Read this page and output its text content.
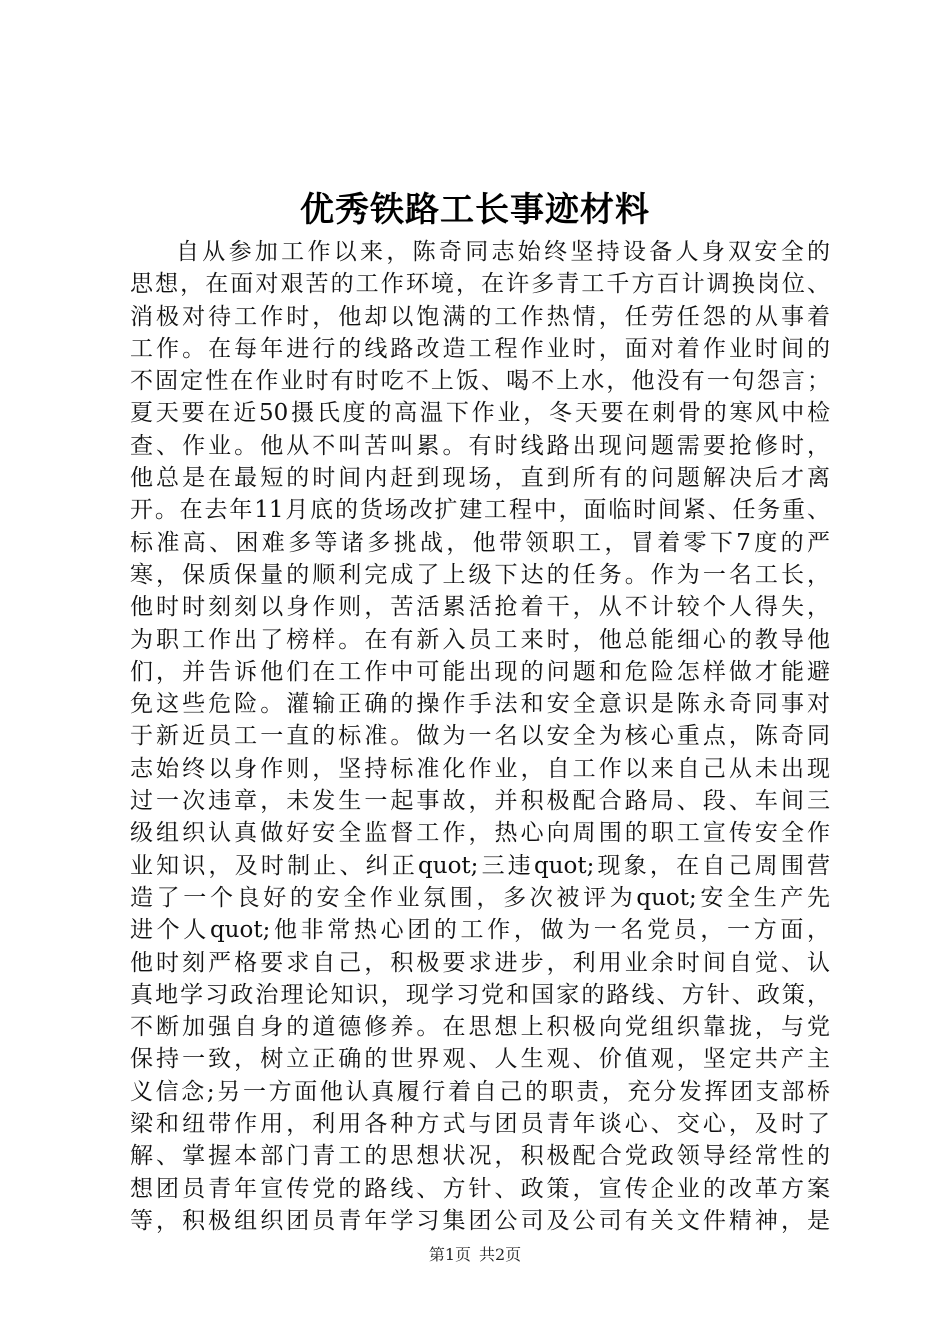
优秀铁路工长事迹材料
自从参加工作以来，陈奇同志始终坚持设备人身双安全的
思想，在面对艰苦的工作环境，在许多青工千方百计调换岗位、
消极对待工作时，他却以饱满的工作热情，任劳任怨的从事着
工作。在每年进行的线路改造工程作业时，面对着作业时间的
不固定性在作业时有时吃不上饭、喝不上水，他没有一句怨言；
夏天要在近50摄氏度的高温下作业，冬天要在刺骨的寒风中检
查、作业。他从不叫苦叫累。有时线路出现问题需要抢修时，
他总是在最短的时间内赶到现场，直到所有的问题解决后才离
开。在去年11月底的货场改扩建工程中，面临时间紧、任务重、
标准高、困难多等诸多挑战，他带领职工，冒着零下7度的严
寒，保质保量的顺利完成了上级下达的任务。作为一名工长，
他时时刻刻以身作则，苦活累活抢着干，从不计较个人得失，
为职工作出了榜样。在有新入员工来时，他总能细心的教导他
们，并告诉他们在工作中可能出现的问题和危险怎样做才能避
免这些危险。灌输正确的操作手法和安全意识是陈永奇同事对
于新近员工一直的标准。做为一名以安全为核心重点，陈奇同
志始终以身作则，坚持标准化作业，自工作以来自己从未出现
过一次违章，未发生一起事故，并积极配合路局、段、车间三
级组织认真做好安全监督工作，热心向周围的职工宣传安全作
业知识，及时制止、纠正quot;三违quot;现象，在自己周围营
造了一个良好的安全作业氛围，多次被评为quot;安全生产先
进个人quot;他非常热心团的工作，做为一名党员，一方面，
他时刻严格要求自己，积极要求进步，利用业余时间自觉、认
真地学习政治理论知识，现学习党和国家的路线、方针、政策，
不断加强自身的道德修养。在思想上积极向党组织靠拢，与党
保持一致，树立正确的世界观、人生观、价值观，坚定共产主
义信念;另一方面他认真履行着自己的职责，充分发挥团支部桥
梁和纽带作用，利用各种方式与团员青年谈心、交心，及时了
解、掌握本部门青工的思想状况，积极配合党政领导经常性的
想团员青年宣传党的路线、方针、政策，宣传企业的改革方案
等，积极组织团员青年学习集团公司及公司有关文件精神，是
第1页 共2页
